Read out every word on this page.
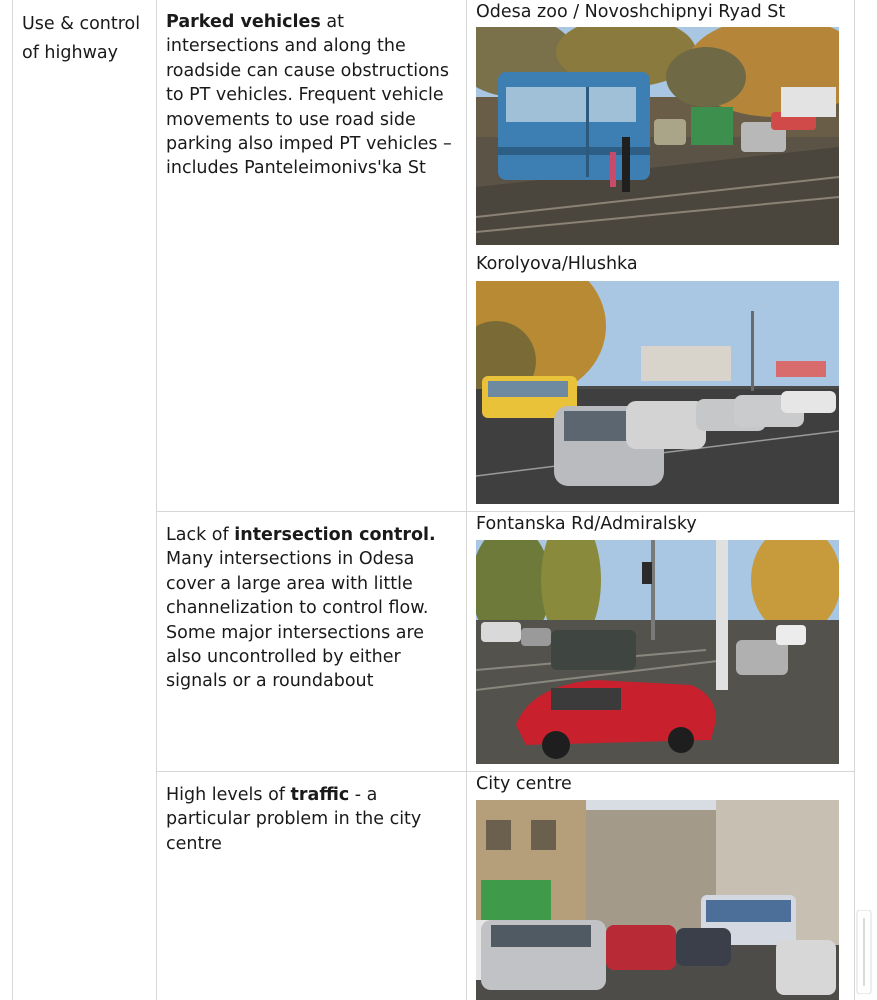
Use & control of highway
Parked vehicles at intersections and along the roadside can cause obstructions to PT vehicles. Frequent vehicle movements to use road side parking also imped PT vehicles – includes Panteleimonivs'ka St
Odesa zoo / Novoshchipnyi Ryad St
Korolyova/Hlushka
Lack of intersection control. Many intersections in Odesa cover a large area with little channelization to control flow. Some major intersections are also uncontrolled by either signals or a roundabout
Fontanska Rd/Admiralsky
High levels of traffic - a particular problem in the city centre
City centre
